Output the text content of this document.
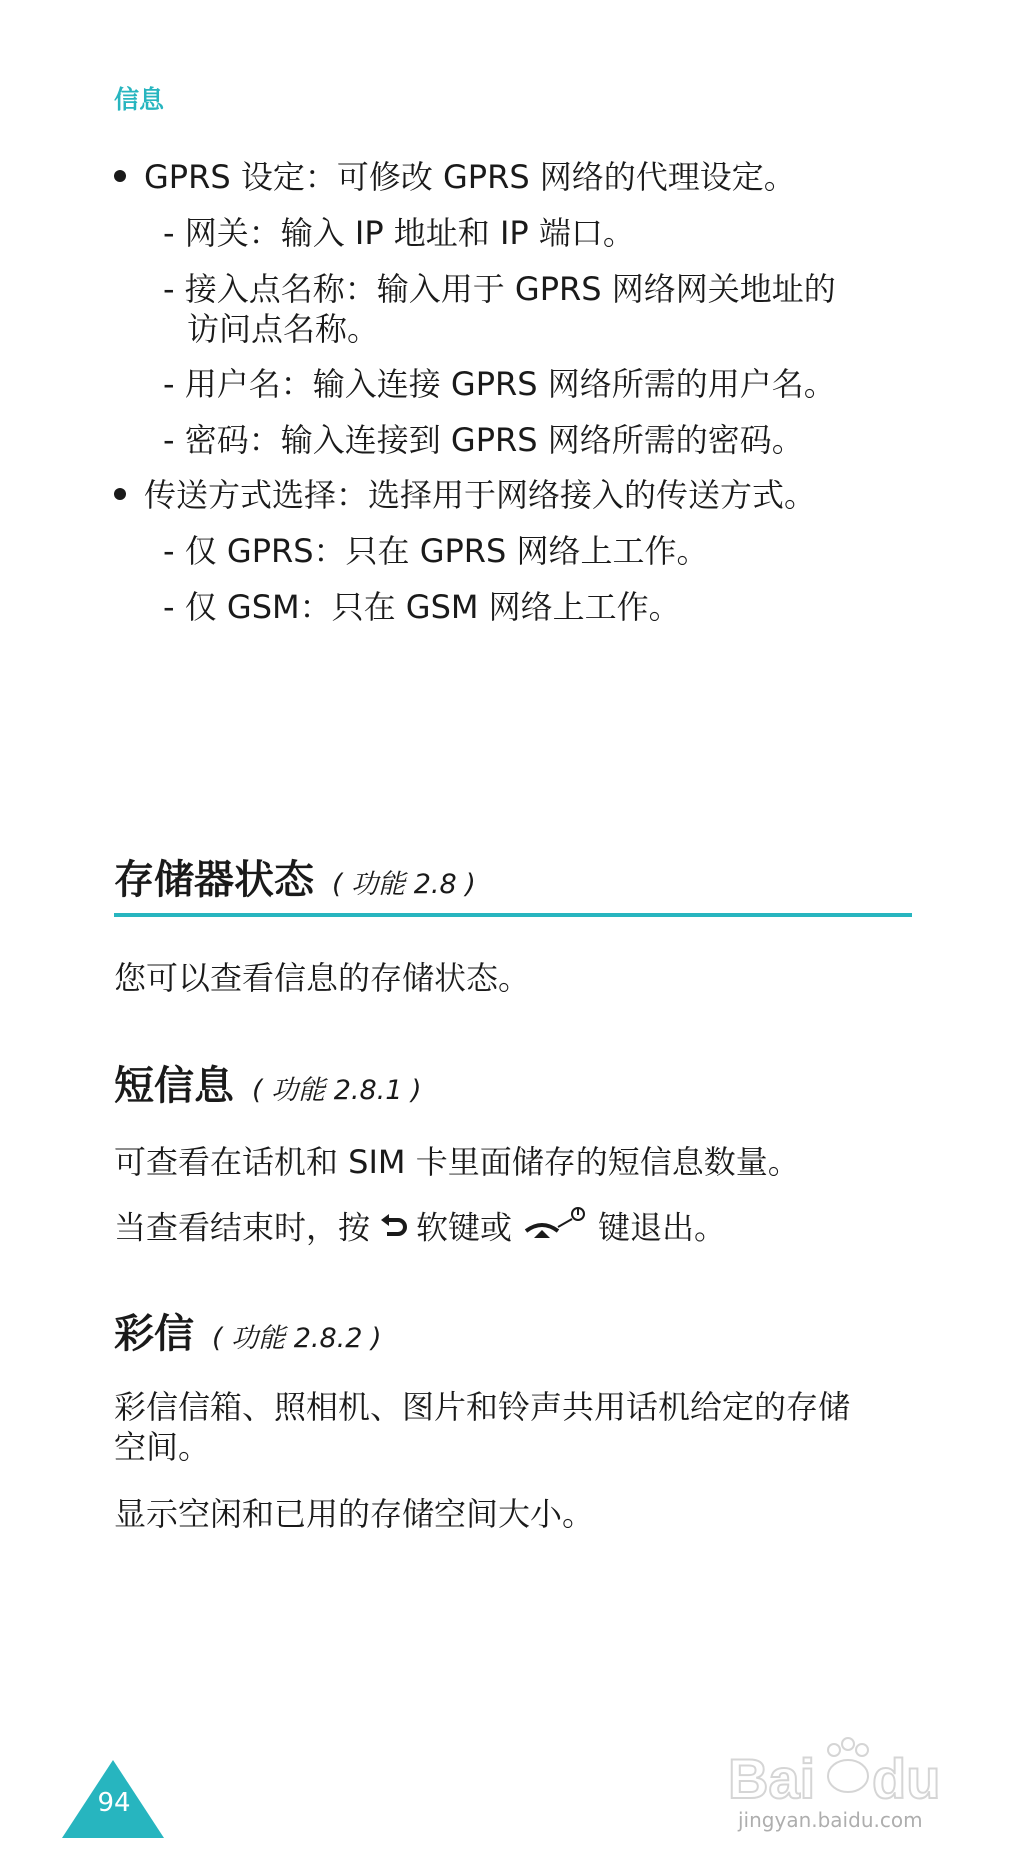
信息
GPRS 设定：可修改 GPRS 网络的代理设定。
- 网关：输入 IP 地址和 IP 端口。
- 接入点名称：输入用于 GPRS 网络网关地址的
访问点名称。
- 用户名：输入连接 GPRS 网络所需的用户名。
- 密码：输入连接到 GPRS 网络所需的密码。
传送方式选择：选择用于网络接入的传送方式。
- 仅 GPRS：只在 GPRS 网络上工作。
- 仅 GSM：只在 GSM 网络上工作。
存储器状态 ( 功能 2.8 )
您可以查看信息的存储状态。
短信息 ( 功能 2.8.1 )
可查看在话机和 SIM 卡里面储存的短信息数量。
当查看结束时，按 软键或	键退出。
彩信 ( 功能 2.8.2 )
彩信信箱、照相机、图片和铃声共用话机给定的存储
空间。
显示空闲和已用的存储空间大小。
94	Bai du
jingyan.baidu.com
